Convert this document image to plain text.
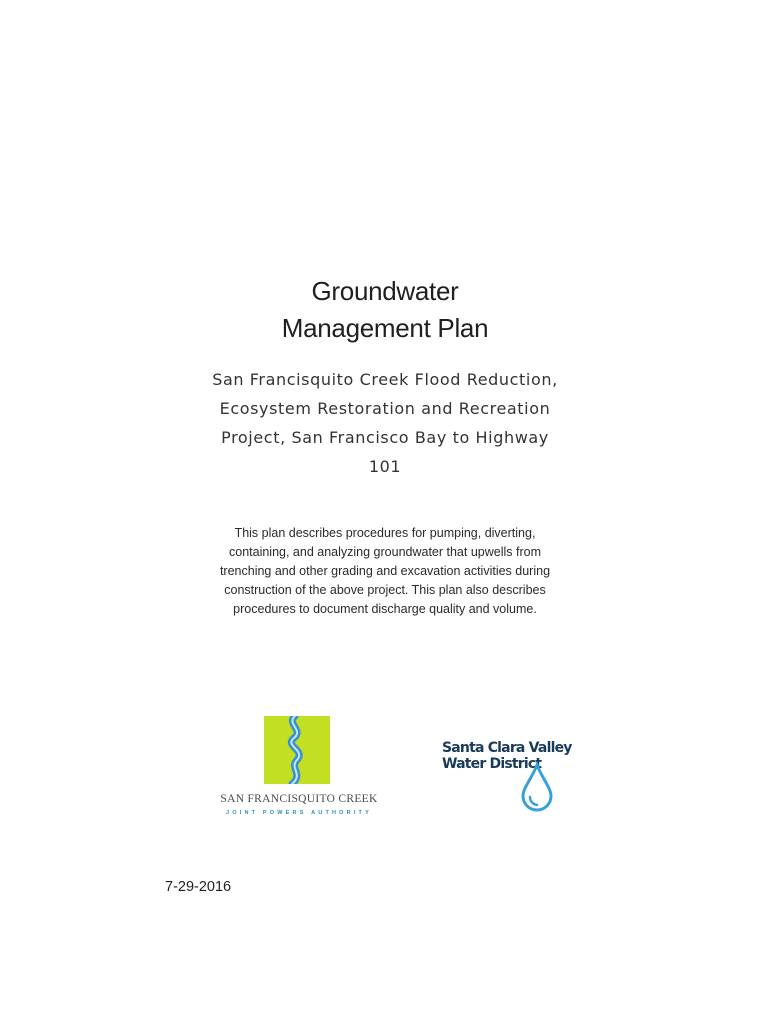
Groundwater
Management Plan
San Francisquito Creek Flood Reduction,
Ecosystem Restoration and Recreation
Project, San Francisco Bay to Highway
101
This plan describes procedures for pumping, diverting,
containing, and analyzing groundwater that upwells from
trenching and other grading and excavation activities during
construction of the above project. This plan also describes
procedures to document discharge quality and volume.
SAN FRANCISQUITO CREEK
JOINT POWERS AUTHORITY
Santa Clara Valley
Water District
7-29-2016
